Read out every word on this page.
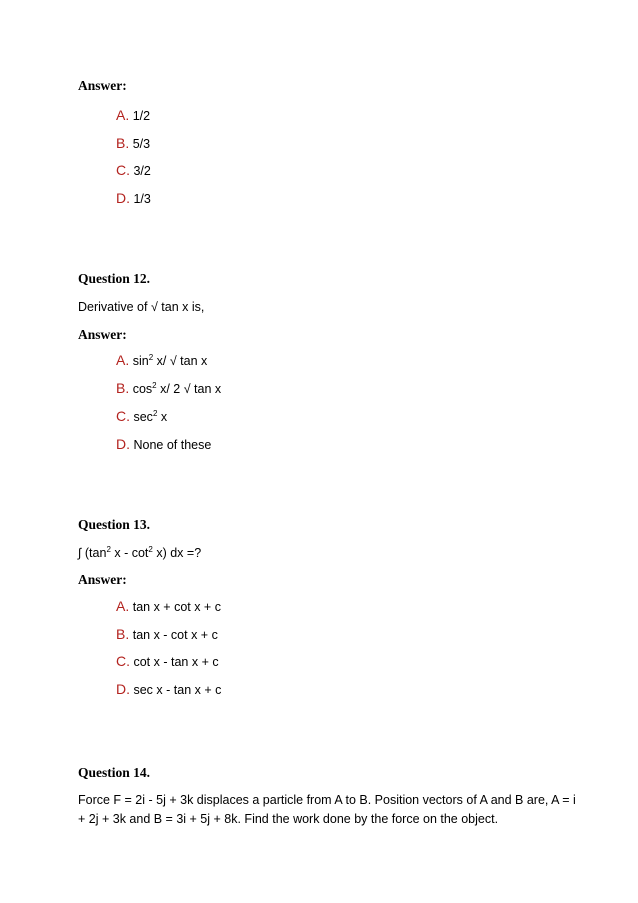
Answer:
A. 1/2
B. 5/3
C. 3/2
D. 1/3
Question 12.
Derivative of √ tan x is,
Answer:
A. $\sin^2 x/$ √ tan x
B. $\cos^2 x/$ 2 √ tan x
C. $\sec^2 x$
D. None of these
Question 13.
∫ ($\tan^2$ x - $\cot^2 x$) dx =?
Answer:
A. tan x + cot x + c
B. tan x - cot x + c
C. cot x - tan x + c
D. sec x - tan x + c
Question 14.
Force F = 2i - 5j + 3k displaces a particle from A to B. Position vectors of A and B are, A = i + 2j + 3k and B = 3i + 5j + 8k. Find the work done by the force on the object.
